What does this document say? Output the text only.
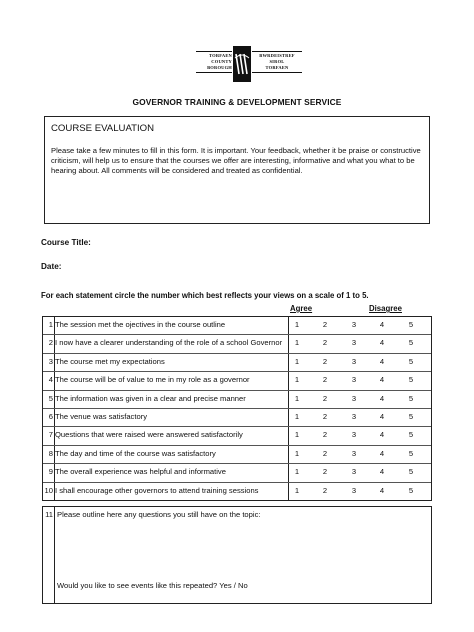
TORFAEN
COUNTY
BOROUGH
BWRDEISTREF
SIROL
TORFAEN
GOVERNOR TRAINING & DEVELOPMENT SERVICE
COURSE EVALUATION
Please take a few minutes to fill in this form. It is important. Your feedback, whether it be praise or constructive criticism, will help us to ensure that the courses we offer are interesting, informative and what you what to be hearing about. All comments will be considered and treated as confidential.
Course Title:
Date:
For each statement circle the number which best reflects your views on a scale of 1 to 5.
Agree	Disagree
1 The session met the ojectives in the course outline	1	2	3	4	5
2 I now have a clearer understanding of the role of a school Governor	1	2	3	4	5
3 The course met my expectations	1	2	3	4	5
4 The course will be of value to me in my role as a governor	1	2	3	4	5
5 The information was given in a clear and precise manner	1	2	3	4	5
6 The venue was satisfactory	1	2	3	4	5
7 Questions that were raised were answered satisfactorily	1	2	3	4	5
8 The day and time of the course was satisfactory	1	2	3	4	5
9 The overall experience was helpful and informative	1	2	3	4	5
10 I shall encourage other governors to attend training sessions	1	2	3	4	5
11 Please outline here any questions you still have on the topic:
Would you like to see events like this repeated? Yes / No
